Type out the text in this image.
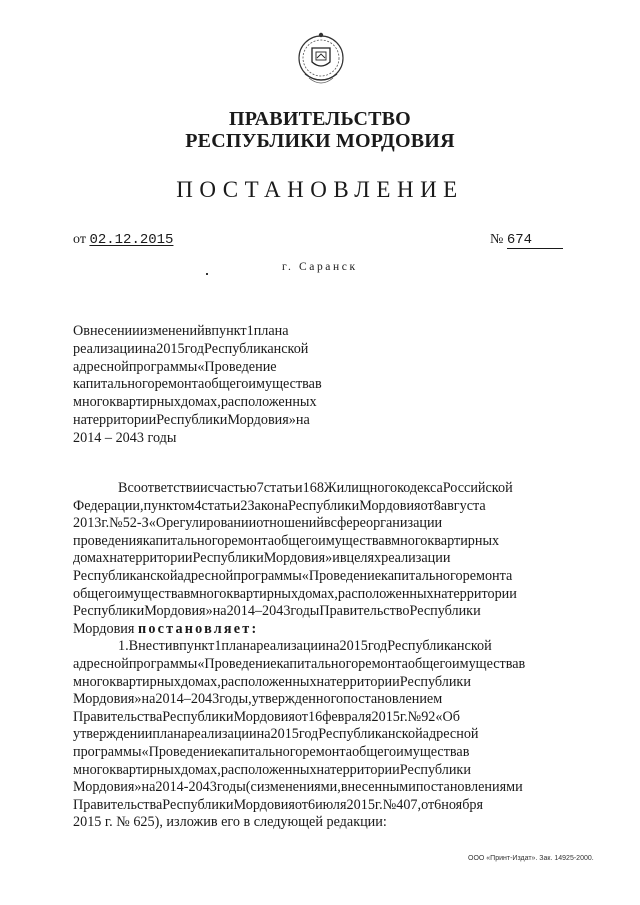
ПРАВИТЕЛЬСТВО
РЕСПУБЛИКИ МОРДОВИЯ
ПОСТАНОВЛЕНИЕ
от 02.12.2015	№ 674
г. Саранск
Овнесенииизмененийвпункт1плана
реализациина2015годРеспубликанской
адреснойпрограммы«Проведение
капитальногоремонтаобщегоимуществав
многоквартирныхдомах,расположенных
натерриторииРеспубликиМордовия»на
2014 – 2043 годы
Всоответствиисчастью7статьи168ЖилищногокодексаРоссийской
Федерации,пунктом4статьи2ЗаконаРеспубликиМордовияот8августа
2013г.№52-З«Орегулированииотношенийвсфереорганизации
проведениякапитальногоремонтаобщегоимуществавмногоквартирных
домахнатерриторииРеспубликиМордовия»ивцеляхреализации
Республиканскойадреснойпрограммы«Проведениекапитальногоремонта
общегоимуществавмногоквартирныхдомах,расположенныхнатерритории
РеспубликиМордовия»на2014–2043годыПравительствоРеспублики
Мордовия постановляет:
1.Внестивпункт1планареализациина2015годРеспубликанской
адреснойпрограммы«Проведениекапитальногоремонтаобщегоимуществав
многоквартирныхдомах,расположенныхнатерриторииРеспублики
Мордовия»на2014–2043годы,утвержденногопостановлением
ПравительстваРеспубликиМордовияот16февраля2015г.№92«Об
утверждениипланареализациина2015годРеспубликанскойадресной
программы«Проведениекапитальногоремонтаобщегоимуществав
многоквартирныхдомах,расположенныхнатерриторииРеспублики
Мордовия»на2014-2043годы(сизменениями,внесеннымипостановлениями
ПравительстваРеспубликиМордовияот6июля2015г.№407,от6ноября
2015 г. № 625), изложив его в следующей редакции:
ООО «Принт-Издат». Зак. 14925-2000.
